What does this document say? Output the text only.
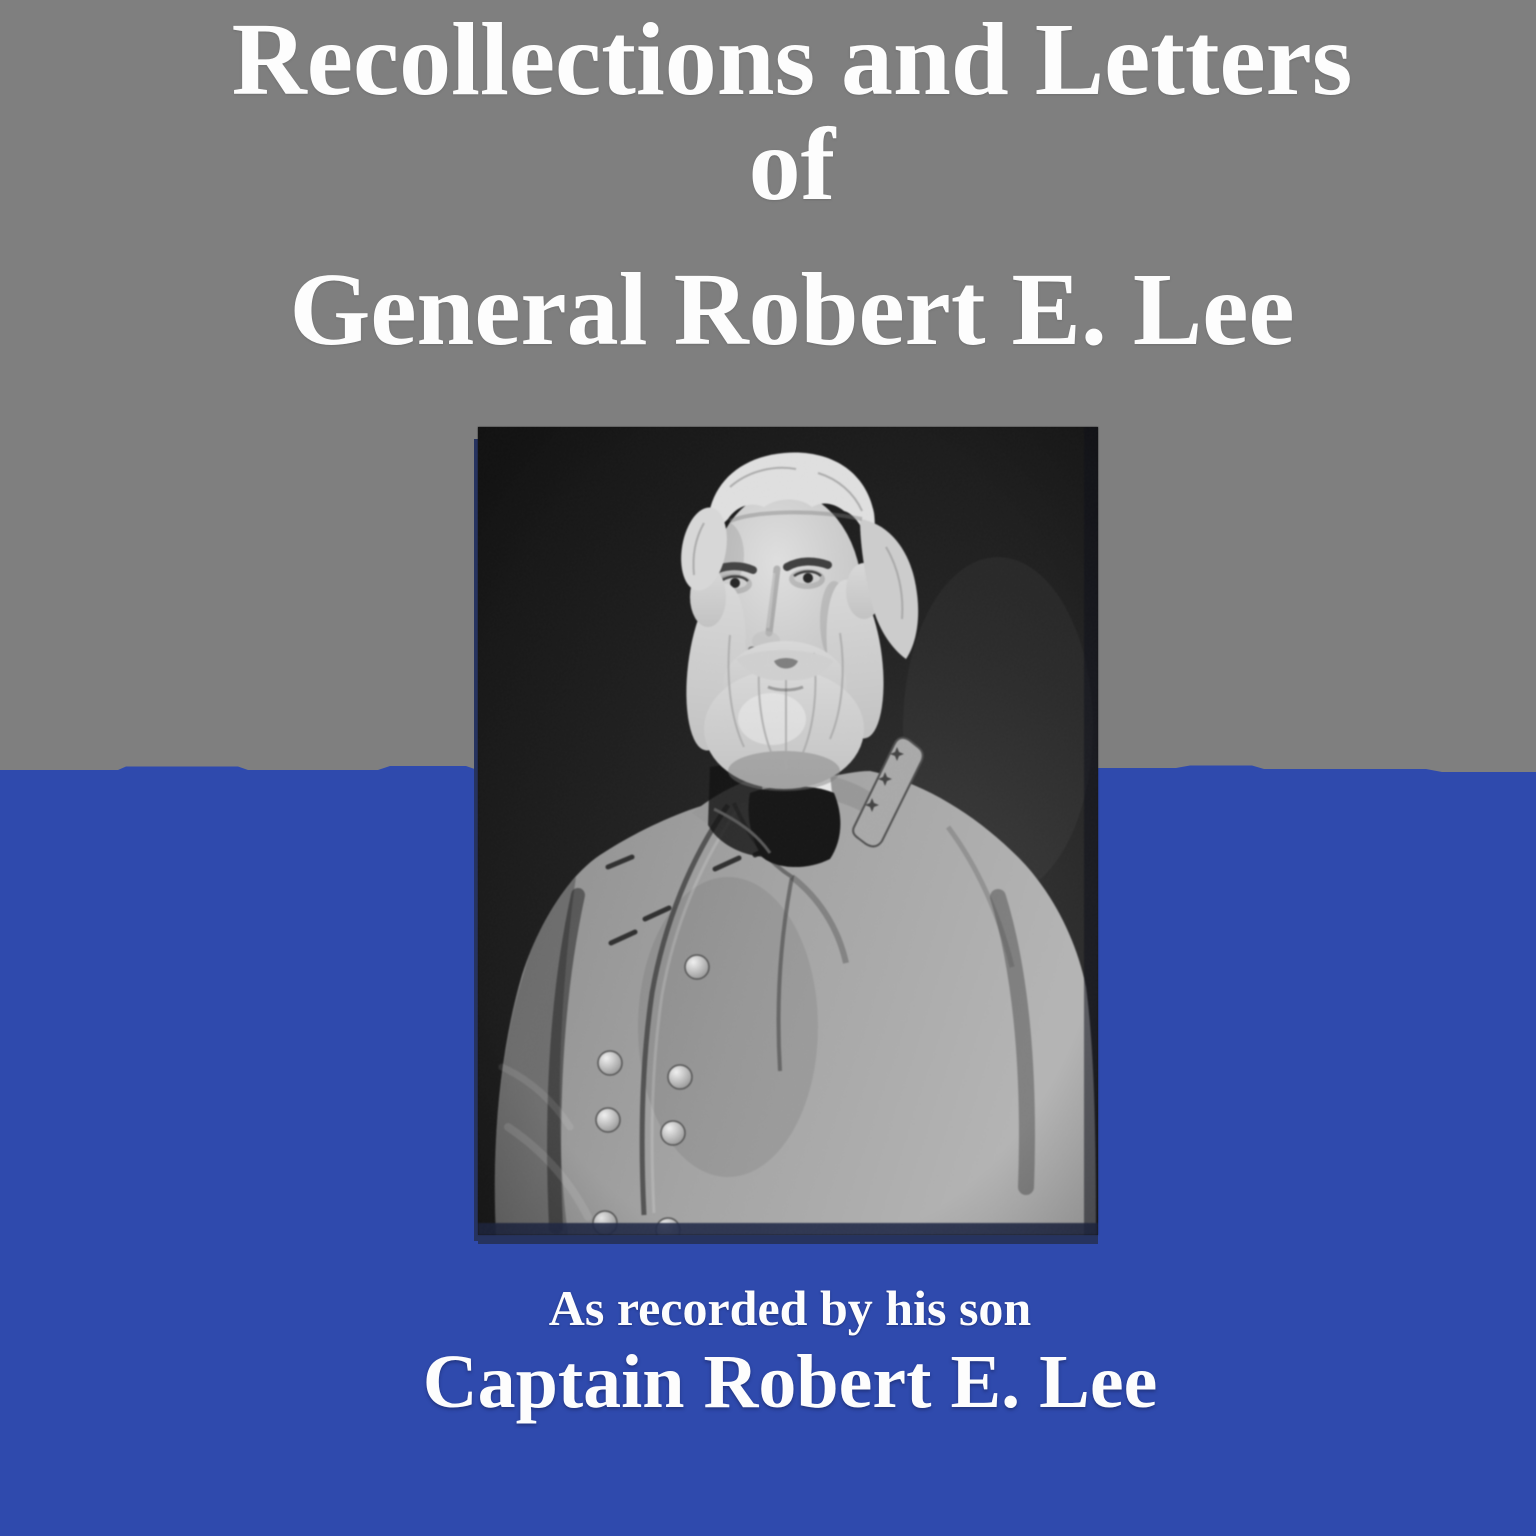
Recollections and Letters
of
General Robert E. Lee
As recorded by his son
Captain Robert E. Lee
